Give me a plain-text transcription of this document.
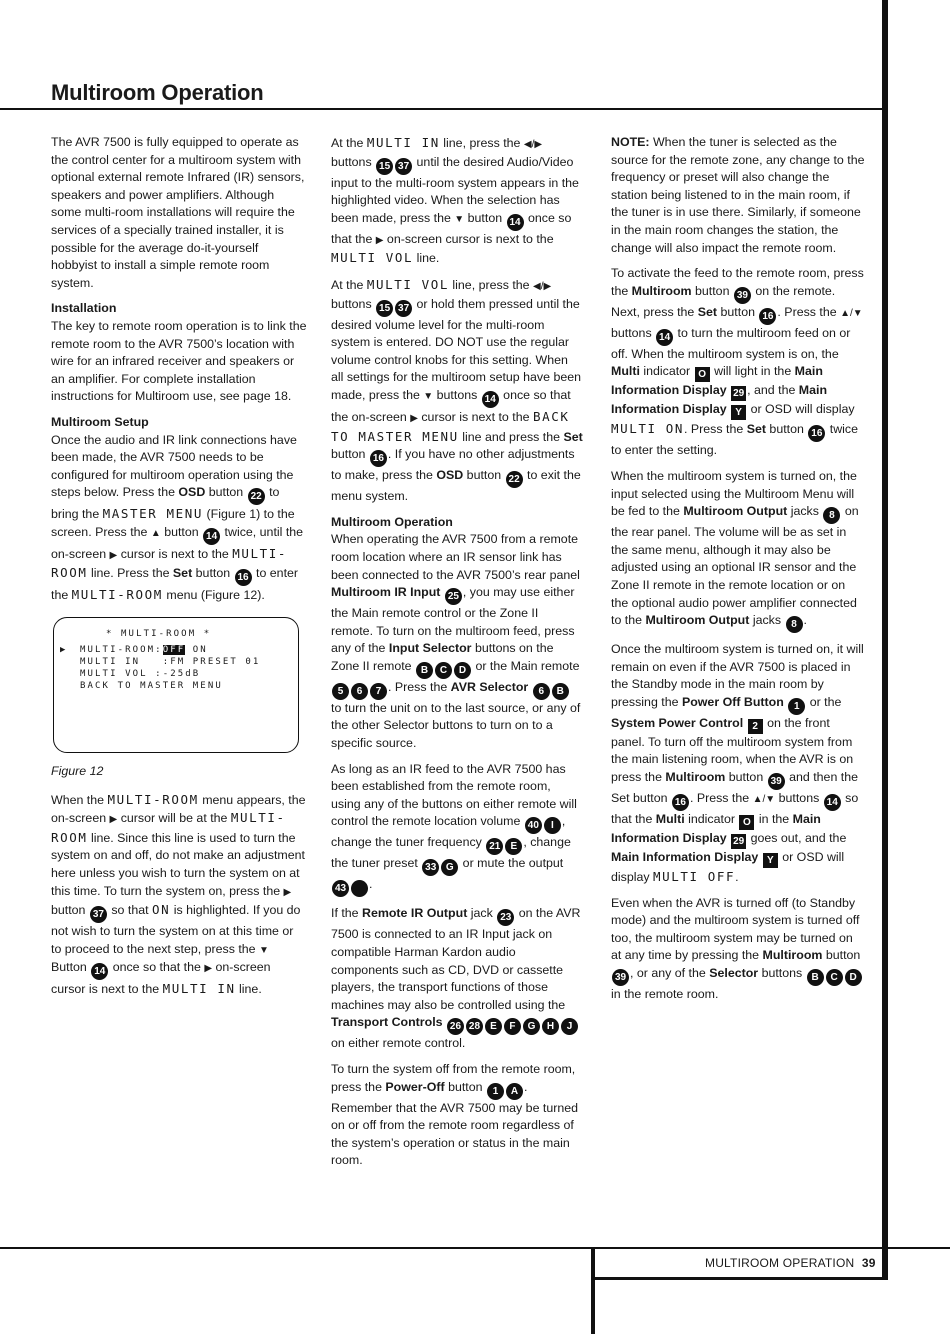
Multiroom Operation

The AVR 7500 is fully equipped to operate as the control center for a multiroom system with optional external remote Infrared (IR) sensors, speakers and power amplifiers. Although some multi-room installations will require the services of a specially trained installer, it is possible for the average do-it-yourself hobbyist to install a simple remote room system.

Installation
The key to remote room operation is to link the remote room to the AVR 7500’s location with wire for an infrared receiver and speakers or an amplifier. For complete installation instructions for Multiroom use, see page 18.

Multiroom Setup
Once the audio and IR link connections have been made, the AVR 7500 needs to be configured for multiroom operation using the steps below. Press the OSD button 22 to bring the MASTER MENU (Figure 1) to the screen. Press the ▲ button 14 twice, until the on-screen ▶ cursor is next to the MULTI-ROOM line. Press the Set button 16 to enter the MULTI-ROOM menu (Figure 12).

* MULTI-ROOM *
▶ MULTI-ROOM:OFF ON
MULTI IN   :FM PRESET 01
MULTI VOL :-25dB
BACK TO MASTER MENU
Figure 12

When the MULTI-ROOM menu appears, the on-screen ▶ cursor will be at the MULTI-ROOM line. Since this line is used to turn the system on and off, do not make an adjustment here unless you wish to turn the system on at this time. To turn the system on, press the ▶ button 37 so that ON is highlighted. If you do not wish to turn the system on at this time or to proceed to the next step, press the ▼ Button 14 once so that the ▶ on-screen cursor is next to the MULTI IN line.

At the MULTI IN line, press the ◀/▶ buttons 15 37 until the desired Audio/Video input to the multi-room system appears in the highlighted video. When the selection has been made, press the ▼ button 14 once so that the ▶ on-screen cursor is next to the MULTI VOL line.

At the MULTI VOL line, press the ◀/▶ buttons 15 37 or hold them pressed until the desired volume level for the multi-room system is entered. DO NOT use the regular volume control knobs for this setting. When all settings for the multiroom setup have been made, press the ▼ buttons 14 once so that the on-screen ▶ cursor is next to the BACK TO MASTER MENU line and press the Set button 16 . If you have no other adjustments to make, press the OSD button 22 to exit the menu system.

Multiroom Operation
When operating the AVR 7500 from a remote room location where an IR sensor link has been connected to the AVR 7500’s rear panel Multiroom IR Input 25 , you may use either the Main remote control or the Zone II remote. To turn on the multiroom feed, press any of the Input Selector buttons on the Zone II remote B C D or the Main remote 5 6 7 . Press the AVR Selector 6 B to turn the unit on to the last source, or any of the other Selector buttons to turn on to a specific source.

As long as an IR feed to the AVR 7500 has been established from the remote room, using any of the buttons on either remote will control the remote location volume 40 I , change the tuner frequency 21 E , change the tuner preset 33 G or mute the output 43 .

If the Remote IR Output jack 23 on the AVR 7500 is connected to an IR Input jack on compatible Harman Kardon audio components such as CD, DVD or cassette players, the transport functions of those machines may also be controlled using the Transport Controls 26 28 E F G H J on either remote control.

To turn the system off from the remote room, press the Power-Off button 1 A . Remember that the AVR 7500 may be turned on or off from the remote room regardless of the system’s operation or status in the main room.

NOTE: When the tuner is selected as the source for the remote zone, any change to the frequency or preset will also change the station being listened to in the main room, if the tuner is in use there. Similarly, if someone in the main room changes the station, the change will also impact the remote room.

To activate the feed to the remote room, press the Multiroom button 39 on the remote. Next, press the Set button 16 . Press the ▲/▼ buttons 14 to turn the multiroom feed on or off. When the multiroom system is on, the Multi indicator O will light in the Main Information Display 29 , and the Main Information Display Y or OSD will display MULTI ON. Press the Set button 16 twice to enter the setting.

When the multiroom system is turned on, the input selected using the Multiroom Menu will be fed to the Multiroom Output jacks 8 on the rear panel. The volume will be as set in the same menu, although it may also be adjusted using an optional IR sensor and the Zone II remote in the remote location or on the optional audio power amplifier connected to the Multiroom Output jacks 8 .

Once the multiroom system is turned on, it will remain on even if the AVR 7500 is placed in the Standby mode in the main room by pressing the Power Off Button 1 or the System Power Control 2 on the front panel. To turn off the multiroom system from the main listening room, when the AVR is on press the Multiroom button 39 and then the Set button 16 . Press the ▲/▼ buttons 14 so that the Multi indicator O in the Main Information Display 29 goes out, and the Main Information Display Y or OSD will display MULTI OFF.

Even when the AVR is turned off (to Standby mode) and the multiroom system is turned off too, the multiroom system may be turned on at any time by pressing the Multiroom button 39 , or any of the Selector buttons B C D in the remote room.

MULTIROOM OPERATION 39
